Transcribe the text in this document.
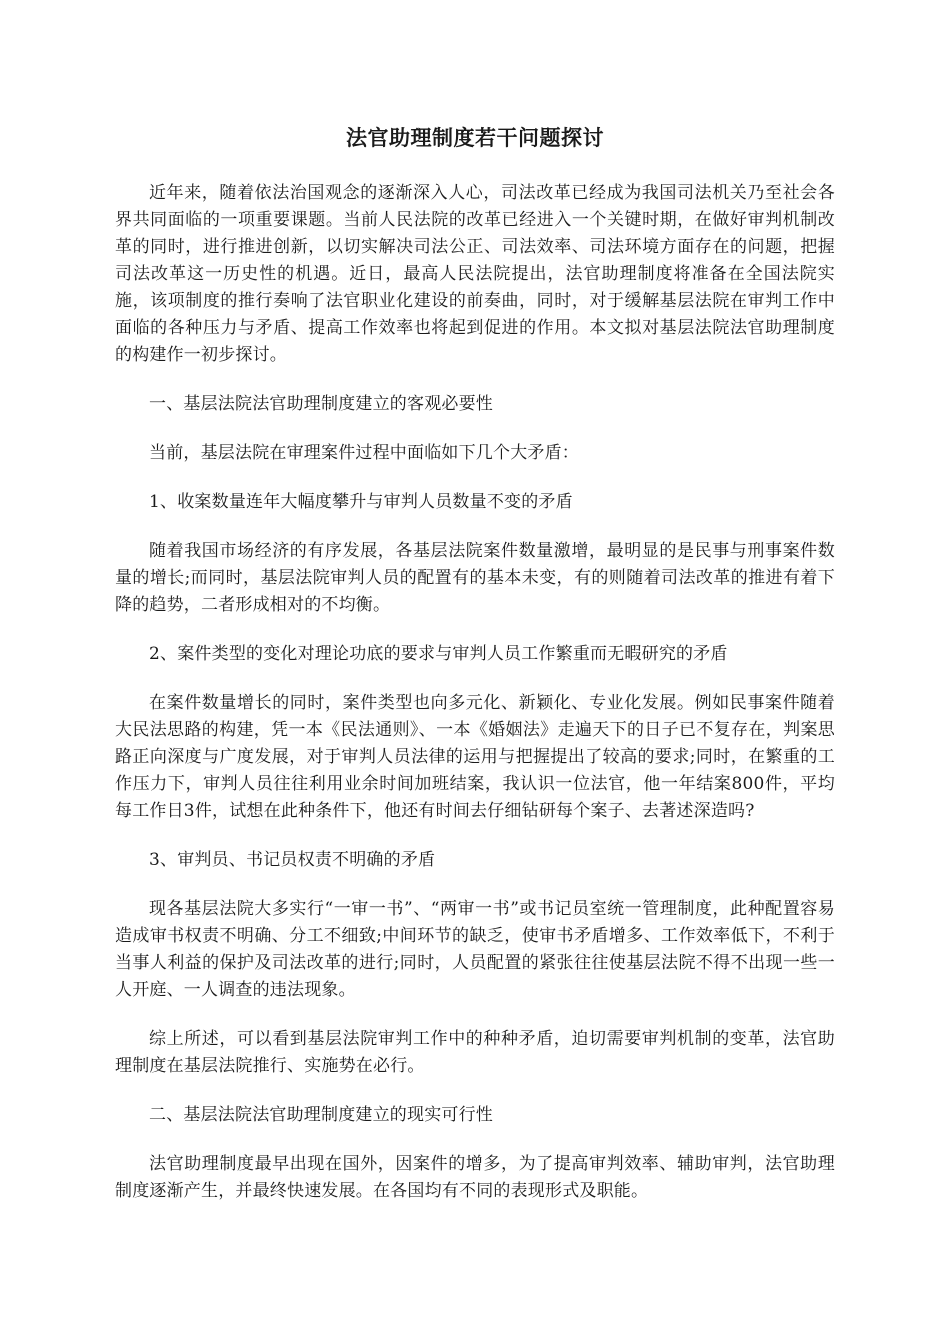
法官助理制度若干问题探讨

近年来，随着依法治国观念的逐渐深入人心，司法改革已经成为我国司法机关乃至社会各界共同面临的一项重要课题。当前人民法院的改革已经进入一个关键时期，在做好审判机制改革的同时，进行推进创新，以切实解决司法公正、司法效率、司法环境方面存在的问题，把握司法改革这一历史性的机遇。近日，最高人民法院提出，法官助理制度将准备在全国法院实施，该项制度的推行奏响了法官职业化建设的前奏曲，同时，对于缓解基层法院在审判工作中面临的各种压力与矛盾、提高工作效率也将起到促进的作用。本文拟对基层法院法官助理制度的构建作一初步探讨。

一、基层法院法官助理制度建立的客观必要性

当前，基层法院在审理案件过程中面临如下几个大矛盾：

1、收案数量连年大幅度攀升与审判人员数量不变的矛盾

随着我国市场经济的有序发展，各基层法院案件数量激增，最明显的是民事与刑事案件数量的增长;而同时，基层法院审判人员的配置有的基本未变，有的则随着司法改革的推进有着下降的趋势，二者形成相对的不均衡。

2、案件类型的变化对理论功底的要求与审判人员工作繁重而无暇研究的矛盾

在案件数量增长的同时，案件类型也向多元化、新颖化、专业化发展。例如民事案件随着大民法思路的构建，凭一本《民法通则》、一本《婚姻法》走遍天下的日子已不复存在，判案思路正向深度与广度发展，对于审判人员法律的运用与把握提出了较高的要求;同时，在繁重的工作压力下，审判人员往往利用业余时间加班结案，我认识一位法官，他一年结案800件，平均每工作日3件，试想在此种条件下，他还有时间去仔细钻研每个案子、去著述深造吗?

3、审判员、书记员权责不明确的矛盾

现各基层法院大多实行“一审一书”、“两审一书”或书记员室统一管理制度，此种配置容易造成审书权责不明确、分工不细致;中间环节的缺乏，使审书矛盾增多、工作效率低下，不利于当事人利益的保护及司法改革的进行;同时，人员配置的紧张往往使基层法院不得不出现一些一人开庭、一人调查的违法现象。

综上所述，可以看到基层法院审判工作中的种种矛盾，迫切需要审判机制的变革，法官助理制度在基层法院推行、实施势在必行。

二、基层法院法官助理制度建立的现实可行性

法官助理制度最早出现在国外，因案件的增多，为了提高审判效率、辅助审判，法官助理制度逐渐产生，并最终快速发展。在各国均有不同的表现形式及职能。
